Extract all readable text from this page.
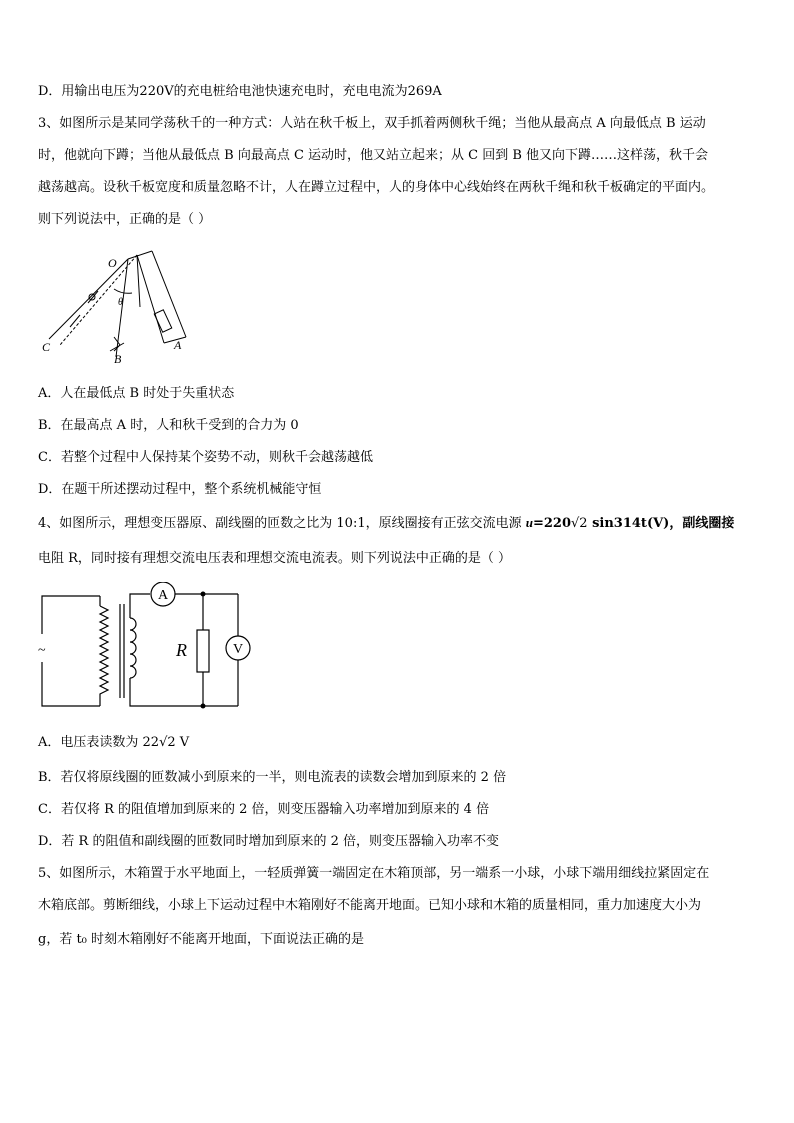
D．用输出电压为220V的充电桩给电池快速充电时，充电电流为269A
3、如图所示是某同学荡秋千的一种方式：人站在秋千板上，双手抓着两侧秋千绳；当他从最高点 A 向最低点 B 运动
时，他就向下蹲；当他从最低点 B 向最高点 C 运动时，他又站立起来；从 C 回到 B 他又向下蹲……这样荡，秋千会
越荡越高。设秋千板宽度和质量忽略不计，人在蹲立过程中，人的身体中心线始终在两秋千绳和秋千板确定的平面内。
则下列说法中，正确的是（ ）
O
θ
A
B
C
A．人在最低点 B 时处于失重状态
B．在最高点 A 时，人和秋千受到的合力为 0
C．若整个过程中人保持某个姿势不动，则秋千会越荡越低
D．在题干所述摆动过程中，整个系统机械能守恒
4、如图所示，理想变压器原、副线圈的匝数之比为 10:1，原线圈接有正弦交流电源 u=220√2 sin314t(V)，副线圈接
电阻 R，同时接有理想交流电压表和理想交流电流表。则下列说法中正确的是（ ）
A
V
R
~
A．电压表读数为 22√2 V
B．若仅将原线圈的匝数减小到原来的一半，则电流表的读数会增加到原来的 2 倍
C．若仅将 R 的阻值增加到原来的 2 倍，则变压器输入功率增加到原来的 4 倍
D．若 R 的阻值和副线圈的匝数同时增加到原来的 2 倍，则变压器输入功率不变
5、如图所示，木箱置于水平地面上，一轻质弹簧一端固定在木箱顶部，另一端系一小球，小球下端用细线拉紧固定在
木箱底部。剪断细线，小球上下运动过程中木箱刚好不能离开地面。已知小球和木箱的质量相同，重力加速度大小为
g，若 t₀ 时刻木箱刚好不能离开地面，下面说法正确的是
